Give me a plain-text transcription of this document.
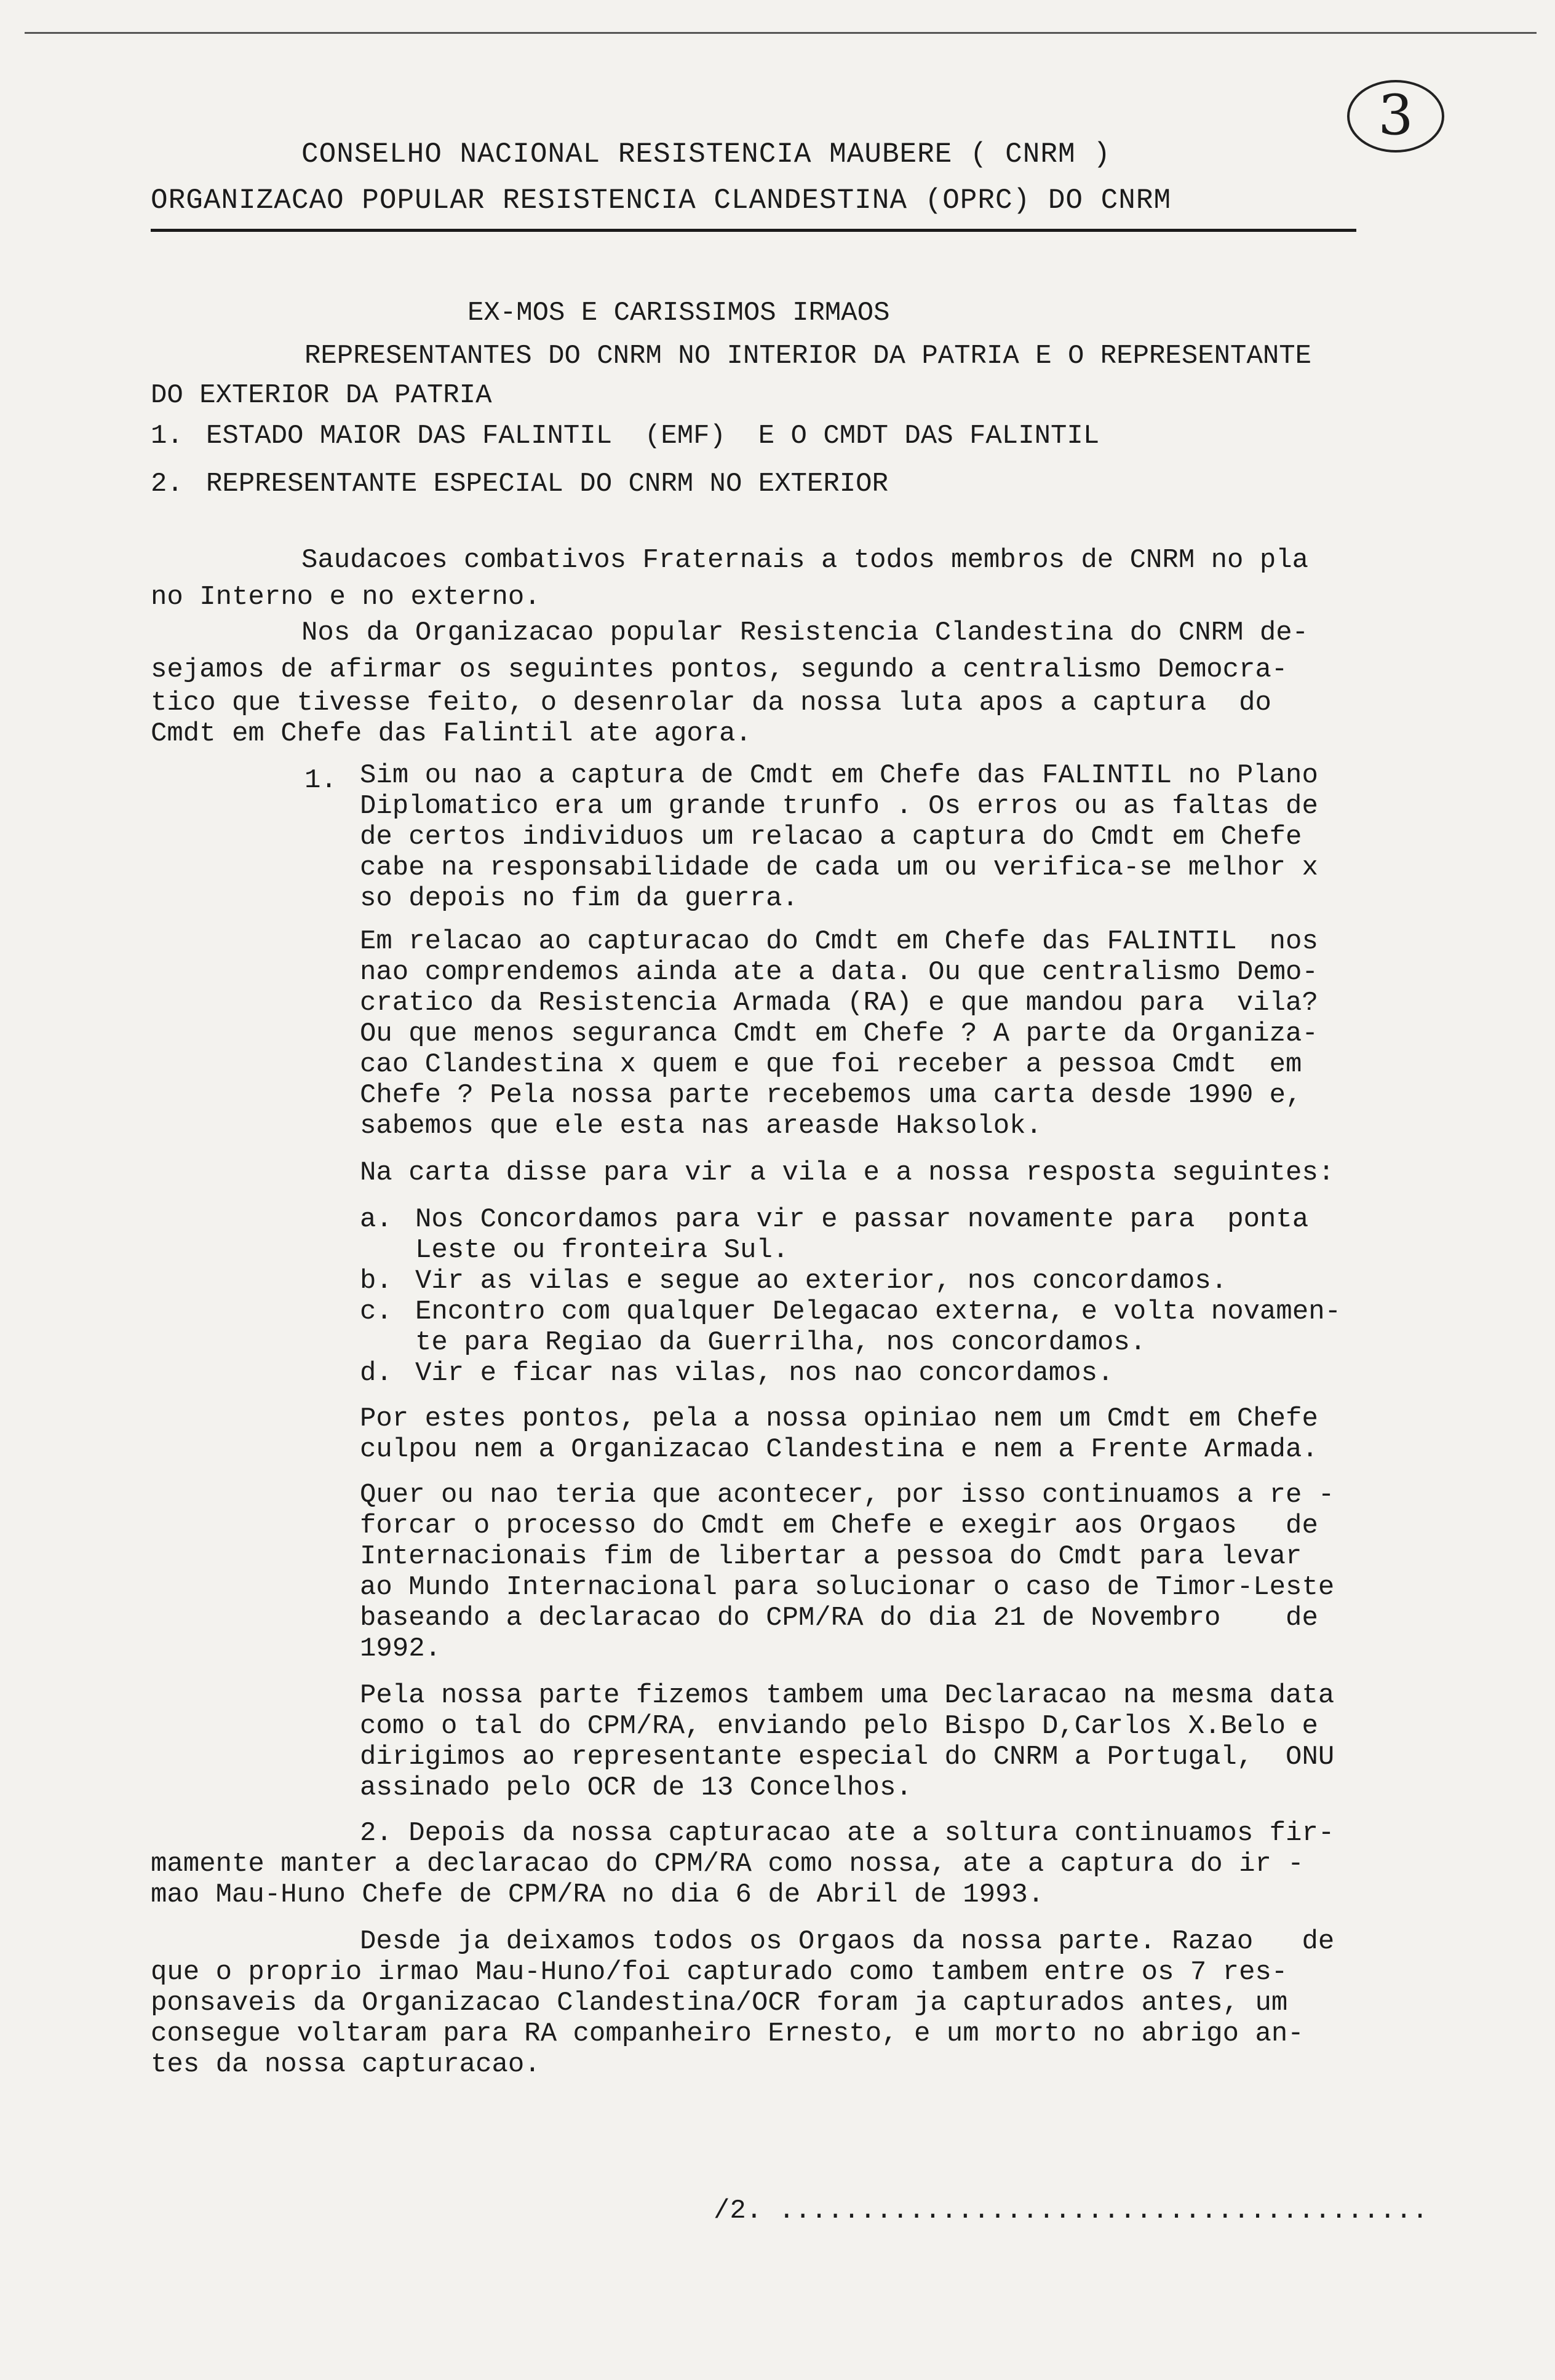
3
CONSELHO NACIONAL RESISTENCIA MAUBERE ( CNRM )
ORGANIZACAO POPULAR RESISTENCIA CLANDESTINA (OPRC) DO CNRM
EX-MOS E CARISSIMOS IRMAOS
REPRESENTANTES DO CNRM NO INTERIOR DA PATRIA E O REPRESENTANTE
DO EXTERIOR DA PATRIA
1. ESTADO MAIOR DAS FALINTIL  (EMF)  E O CMDT DAS FALINTIL
2. REPRESENTANTE ESPECIAL DO CNRM NO EXTERIOR
Saudacoes combativos Fraternais a todos membros de CNRM no pla
no Interno e no externo.
Nos da Organizacao popular Resistencia Clandestina do CNRM de-
sejamos de afirmar os seguintes pontos, segundo a centralismo Democra-
tico que tivesse feito, o desenrolar da nossa luta apos a captura  do
Cmdt em Chefe das Falintil ate agora.
1. Sim ou nao a captura de Cmdt em Chefe das FALINTIL no Plano
Diplomatico era um grande trunfo . Os erros ou as faltas de
de certos individuos um relacao a captura do Cmdt em Chefe
cabe na responsabilidade de cada um ou verifica-se melhor x
so depois no fim da guerra.
Em relacao ao capturacao do Cmdt em Chefe das FALINTIL  nos
nao comprendemos ainda ate a data. Ou que centralismo Demo-
cratico da Resistencia Armada (RA) e que mandou para  vila?
Ou que menos seguranca Cmdt em Chefe ? A parte da Organiza-
cao Clandestina x quem e que foi receber a pessoa Cmdt  em
Chefe ? Pela nossa parte recebemos uma carta desde 1990 e,
sabemos que ele esta nas areasde Haksolok.
Na carta disse para vir a vila e a nossa resposta seguintes:
a. Nos Concordamos para vir e passar novamente para  ponta
Leste ou fronteira Sul.
b. Vir as vilas e segue ao exterior, nos concordamos.
c. Encontro com qualquer Delegacao externa, e volta novamen-
te para Regiao da Guerrilha, nos concordamos.
d. Vir e ficar nas vilas, nos nao concordamos.
Por estes pontos, pela a nossa opiniao nem um Cmdt em Chefe
culpou nem a Organizacao Clandestina e nem a Frente Armada.
Quer ou nao teria que acontecer, por isso continuamos a re -
forcar o processo do Cmdt em Chefe e exegir aos Orgaos   de
Internacionais fim de libertar a pessoa do Cmdt para levar
ao Mundo Internacional para solucionar o caso de Timor-Leste
baseando a declaracao do CPM/RA do dia 21 de Novembro    de
1992.
Pela nossa parte fizemos tambem uma Declaracao na mesma data
como o tal do CPM/RA, enviando pelo Bispo D,Carlos X.Belo e
dirigimos ao representante especial do CNRM a Portugal,  ONU
assinado pelo OCR de 13 Concelhos.
2. Depois da nossa capturacao ate a soltura continuamos fir-
mamente manter a declaracao do CPM/RA como nossa, ate a captura do ir -
mao Mau-Huno Chefe de CPM/RA no dia 6 de Abril de 1993.
Desde ja deixamos todos os Orgaos da nossa parte. Razao   de
que o proprio irmao Mau-Huno/foi capturado como tambem entre os 7 res-
ponsaveis da Organizacao Clandestina/OCR foram ja capturados antes, um
consegue voltaram para RA companheiro Ernesto, e um morto no abrigo an-
tes da nossa capturacao.
/2. ........................................
